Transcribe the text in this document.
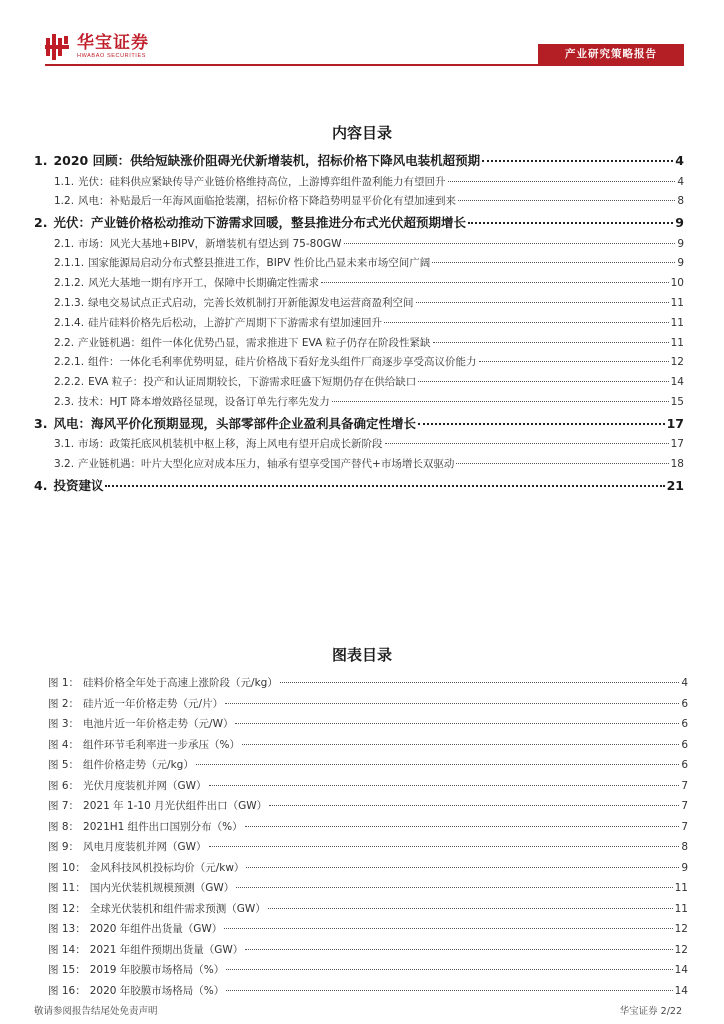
华宝证券
HWABAO SECURITIES	产业研究策略报告
内容目录
1. 2020 回顾：供给短缺涨价阻碍光伏新增装机，招标价格下降风电装机超预期	4
1.1. 光伏：硅料供应紧缺传导产业链价格维持高位，上游博弈组件盈利能力有望回升	4
1.2. 风电：补贴最后一年海风面临抢装潮，招标价格下降趋势明显平价化有望加速到来	8
2. 光伏：产业链价格松动推动下游需求回暖，整县推进分布式光伏超预期增长	9
2.1. 市场：风光大基地+BIPV，新增装机有望达到 75-80GW	9
2.1.1. 国家能源局启动分布式整县推进工作，BIPV 性价比凸显未来市场空间广阔	9
2.1.2. 风光大基地一期有序开工，保障中长期确定性需求	10
2.1.3. 绿电交易试点正式启动，完善长效机制打开新能源发电运营商盈利空间	11
2.1.4. 硅片硅料价格先后松动，上游扩产周期下下游需求有望加速回升	11
2.2. 产业链机遇：组件一体化优势凸显，需求推进下 EVA 粒子仍存在阶段性紧缺	11
2.2.1. 组件：一体化毛利率优势明显，硅片价格战下看好龙头组件厂商逐步享受高议价能力	12
2.2.2. EVA 粒子：投产和认证周期较长，下游需求旺盛下短期仍存在供给缺口	14
2.3. 技术：HJT 降本增效路径显现，设备订单先行率先发力	15
3. 风电：海风平价化预期显现，头部零部件企业盈利具备确定性增长	17
3.1. 市场：政策托底风机装机中枢上移，海上风电有望开启成长新阶段	17
3.2. 产业链机遇：叶片大型化应对成本压力，轴承有望享受国产替代+市场增长双驱动	18
4. 投资建议	21
图表目录
图 1： 硅料价格全年处于高速上涨阶段（元/kg）	4
图 2： 硅片近一年价格走势（元/片）	6
图 3： 电池片近一年价格走势（元/W）	6
图 4： 组件环节毛利率进一步承压（%）	6
图 5： 组件价格走势（元/kg）	6
图 6： 光伏月度装机并网（GW）	7
图 7： 2021 年 1-10 月光伏组件出口（GW）	7
图 8： 2021H1 组件出口国别分布（%）	7
图 9： 风电月度装机并网（GW）	8
图 10： 金风科技风机投标均价（元/kw）	9
图 11： 国内光伏装机规模预测（GW）	11
图 12： 全球光伏装机和组件需求预测（GW）	11
图 13： 2020 年组件出货量（GW）	12
图 14： 2021 年组件预期出货量（GW）	12
图 15： 2019 年胶膜市场格局（%）	14
图 16： 2020 年胶膜市场格局（%）	14
敬请参阅报告结尾处免责声明	华宝证券 2/22
